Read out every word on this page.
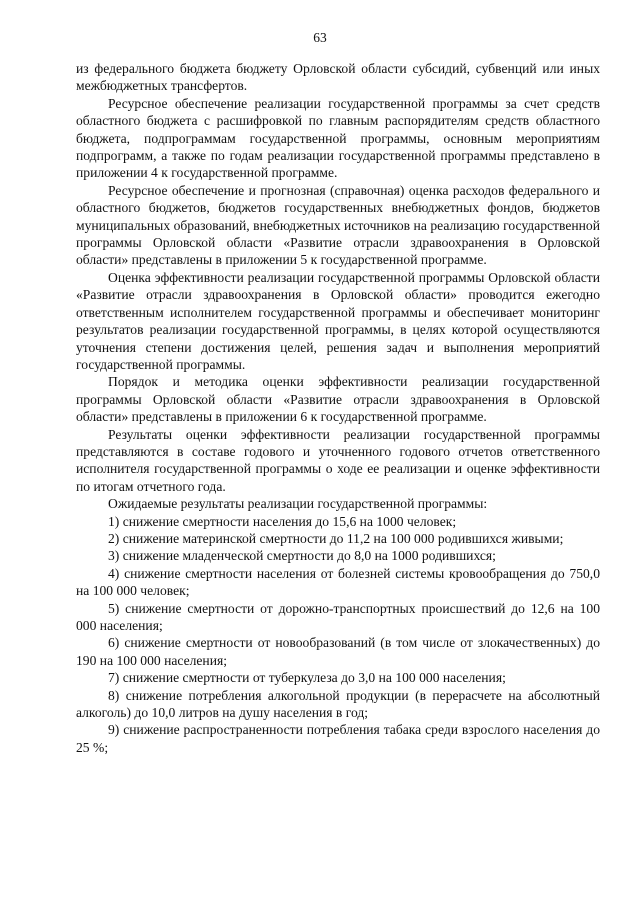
63

из федерального бюджета бюджету Орловской области субсидий, субвенций или иных межбюджетных трансфертов.

Ресурсное обеспечение реализации государственной программы за счет средств областного бюджета с расшифровкой по главным распорядителям средств областного бюджета, подпрограммам государственной программы, основным мероприятиям подпрограмм, а также по годам реализации государственной программы представлено в приложении 4 к государственной программе.

Ресурсное обеспечение и прогнозная (справочная) оценка расходов федерального и областного бюджетов, бюджетов государственных внебюджетных фондов, бюджетов муниципальных образований, внебюджетных источников на реализацию государственной программы Орловской области «Развитие отрасли здравоохранения в Орловской области» представлены в приложении 5 к государственной программе.

Оценка эффективности реализации государственной программы Орловской области «Развитие отрасли здравоохранения в Орловской области» проводится ежегодно ответственным исполнителем государственной программы и обеспечивает мониторинг результатов реализации государственной программы, в целях которой осуществляются уточнения степени достижения целей, решения задач и выполнения мероприятий государственной программы.

Порядок и методика оценки эффективности реализации государственной программы Орловской области «Развитие отрасли здравоохранения в Орловской области» представлены в приложении 6 к государственной программе.

Результаты оценки эффективности реализации государственной программы представляются в составе годового и уточненного годового отчетов ответственного исполнителя государственной программы о ходе ее реализации и оценке эффективности по итогам отчетного года.

Ожидаемые результаты реализации государственной программы:

1) снижение смертности населения до 15,6 на 1000 человек;

2) снижение материнской смертности до 11,2 на 100 000 родившихся живыми;

3) снижение младенческой смертности до 8,0 на 1000 родившихся;

4) снижение смертности населения от болезней системы кровообращения до 750,0 на 100 000 человек;

5) снижение смертности от дорожно-транспортных происшествий до 12,6 на 100 000 населения;

6) снижение смертности от новообразований (в том числе от злокачественных) до 190 на 100 000 населения;

7) снижение смертности от туберкулеза до 3,0 на 100 000 населения;

8) снижение потребления алкогольной продукции (в перерасчете на абсолютный алкоголь) до 10,0 литров на душу населения в год;

9) снижение распространенности потребления табака среди взрослого населения до 25 %;
